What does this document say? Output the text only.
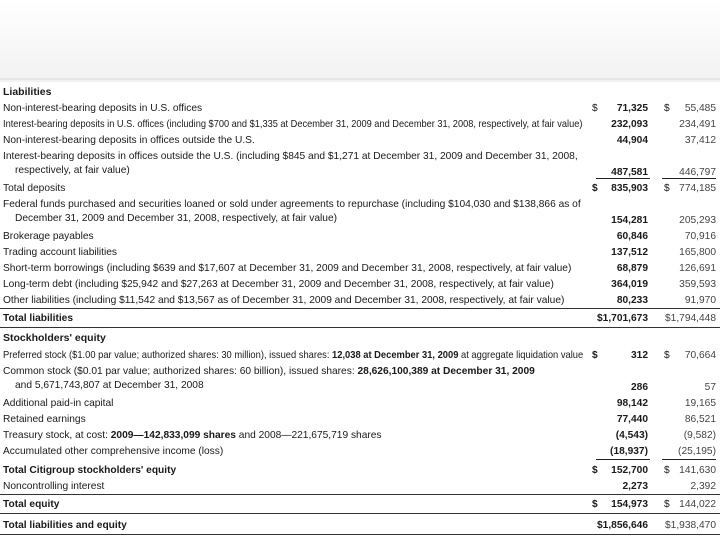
Liabilities
Non-interest-bearing deposits in U.S. offices	$	71,325 $	55,485
Interest-bearing deposits in U.S. offices (including $700 and $1,335 at December 31, 2009 and December 31, 2008, respectively, at fair value)	232,093	234,491
Non-interest-bearing deposits in offices outside the U.S.	44,904	37,412
Interest-bearing deposits in offices outside the U.S. (including $845 and $1,271 at December 31, 2009 and December 31, 2008,
respectively, at fair value)	487,581	446,797
Total deposits	$	835,903 $ 774,185
Federal funds purchased and securities loaned or sold under agreements to repurchase (including $104,030 and $138,866 as of
December 31, 2009 and December 31, 2008, respectively, at fair value)	154,281	205,293
Brokerage payables	60,846	70,916
Trading account liabilities	137,512	165,800
Short-term borrowings (including $639 and $17,607 at December 31, 2009 and December 31, 2008, respectively, at fair value)	68,879	126,691
Long-term debt (including $25,942 and $27,263 at December 31, 2009 and December 31, 2008, respectively, at fair value)	364,019	359,593
Other liabilities (including $11,542 and $13,567 as of December 31, 2009 and December 31, 2008, respectively, at fair value)	80,233	91,970
Total liabilities	$1,701,673	$1,794,448
Stockholders' equity
Preferred stock ($1.00 par value; authorized shares: 30 million), issued shares: 12,038 at December 31, 2009 at aggregate liquidation value $	312 $	70,664
Common stock ($0.01 par value; authorized shares: 60 billion), issued shares: 28,626,100,389 at December 31, 2009
and 5,671,743,807 at December 31, 2008	286	57
Additional paid-in capital	98,142	19,165
Retained earnings	77,440	86,521
Treasury stock, at cost: 2009—142,833,099 shares and 2008—221,675,719 shares	(4,543)	(9,582)
Accumulated other comprehensive income (loss)	(18,937)	(25,195)
Total Citigroup stockholders' equity	$	152,700 $ 141,630
Noncontrolling interest	2,273	2,392
Total equity	$	154,973 $ 144,022
Total liabilities and equity	$1,856,646	$1,938,470
